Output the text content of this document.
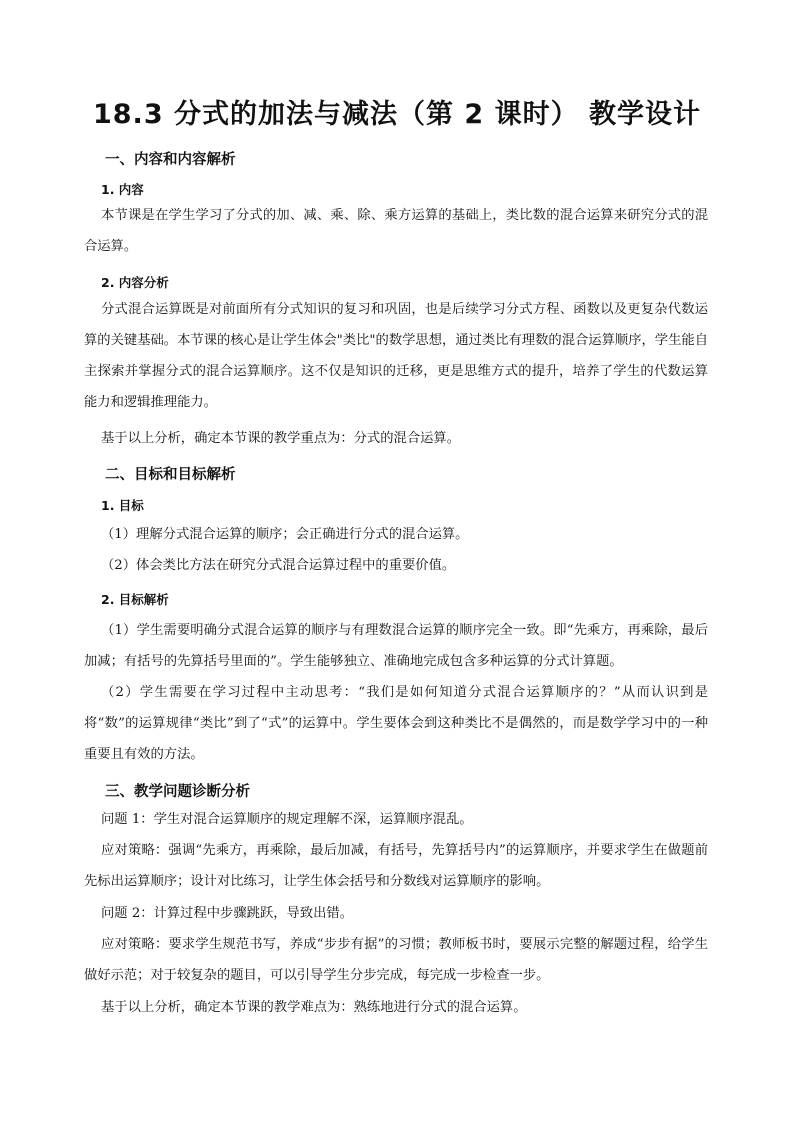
18.3 分式的加法与减法（第 2 课时） 教学设计
一、内容和内容解析
1. 内容

本节课是在学生学习了分式的加、减、乘、除、乘方运算的基础上，类比数的混合运算来研究分式的混合运算。

2. 内容分析

分式混合运算既是对前面所有分式知识的复习和巩固，也是后续学习分式方程、函数以及更复杂代数运算的关键基础。本节课的核心是让学生体会"类比"的数学思想，通过类比有理数的混合运算顺序，学生能自主探索并掌握分式的混合运算顺序。这不仅是知识的迁移，更是思维方式的提升，培养了学生的代数运算能力和逻辑推理能力。

基于以上分析，确定本节课的教学重点为：分式的混合运算。

二、目标和目标解析
1. 目标

（1）理解分式混合运算的顺序；会正确进行分式的混合运算。

（2）体会类比方法在研究分式混合运算过程中的重要价值。

2. 目标解析

（1）学生需要明确分式混合运算的顺序与有理数混合运算的顺序完全一致。即“先乘方，再乘除，最后加减；有括号的先算括号里面的”。学生能够独立、准确地完成包含多种运算的分式计算题。

（2）学生需要在学习过程中主动思考：“我们是如何知道分式混合运算顺序的？”从而认识到是将“数”的运算规律“类比”到了“式”的运算中。学生要体会到这种类比不是偶然的，而是数学学习中的一种重要且有效的方法。

三、教学问题诊断分析

问题 1：学生对混合运算顺序的规定理解不深，运算顺序混乱。

应对策略：强调“先乘方，再乘除，最后加减，有括号，先算括号内”的运算顺序，并要求学生在做题前先标出运算顺序；设计对比练习，让学生体会括号和分数线对运算顺序的影响。

问题 2：计算过程中步骤跳跃，导致出错。

应对策略：要求学生规范书写，养成“步步有据”的习惯；教师板书时，要展示完整的解题过程，给学生做好示范；对于较复杂的题目，可以引导学生分步完成，每完成一步检查一步。

基于以上分析，确定本节课的教学难点为：熟练地进行分式的混合运算。
